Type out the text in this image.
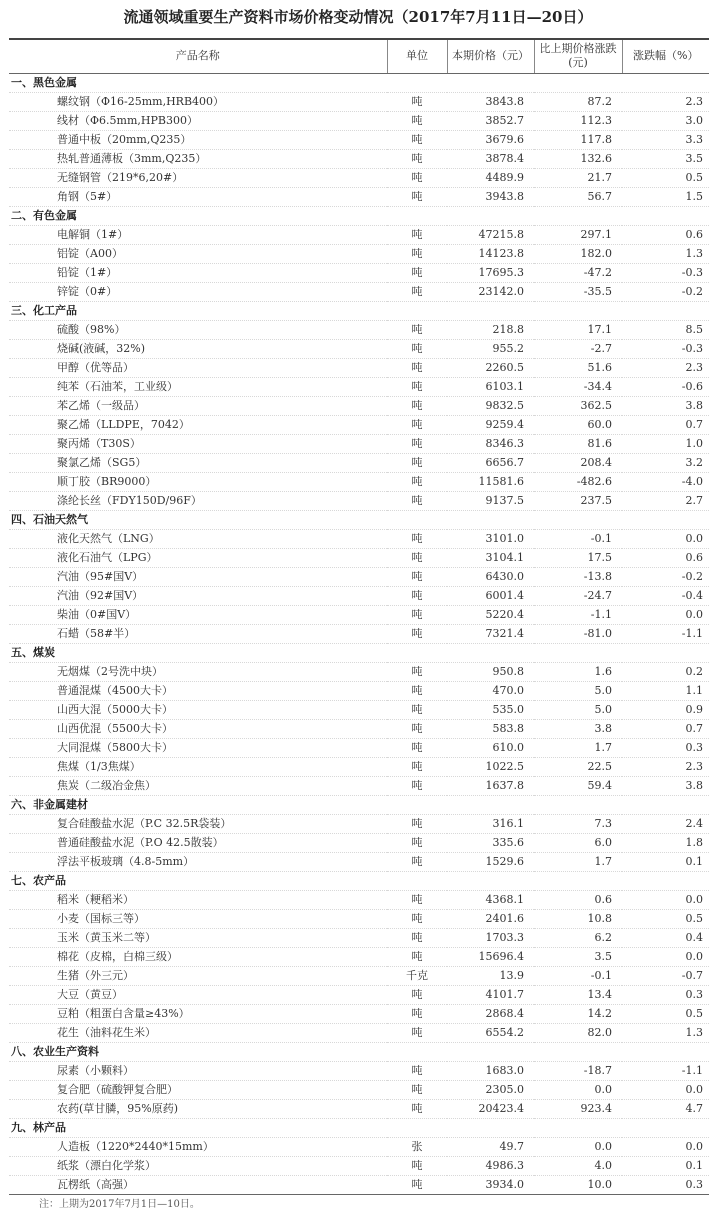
流通领域重要生产资料市场价格变动情况（2017年7月11日—20日）
产品名称	单位	本期价格（元）	比上期价格涨跌(元)	涨跌幅（%）
一、黑色金属				
螺纹钢（Φ16-25mm,HRB400）	吨	3843.8	87.2	2.3
线材（Φ6.5mm,HPB300）	吨	3852.7	112.3	3.0
普通中板（20mm,Q235）	吨	3679.6	117.8	3.3
热轧普通薄板（3mm,Q235）	吨	3878.4	132.6	3.5
无缝钢管（219*6,20#）	吨	4489.9	21.7	0.5
角钢（5#）	吨	3943.8	56.7	1.5
二、有色金属				
电解铜（1#）	吨	47215.8	297.1	0.6
铝锭（A00）	吨	14123.8	182.0	1.3
铅锭（1#）	吨	17695.3	-47.2	-0.3
锌锭（0#）	吨	23142.0	-35.5	-0.2
三、化工产品				
硫酸（98%）	吨	218.8	17.1	8.5
烧碱(液碱，32%)	吨	955.2	-2.7	-0.3
甲醇（优等品）	吨	2260.5	51.6	2.3
纯苯（石油苯，工业级）	吨	6103.1	-34.4	-0.6
苯乙烯（一级品）	吨	9832.5	362.5	3.8
聚乙烯（LLDPE，7042）	吨	9259.4	60.0	0.7
聚丙烯（T30S）	吨	8346.3	81.6	1.0
聚氯乙烯（SG5）	吨	6656.7	208.4	3.2
顺丁胶（BR9000）	吨	11581.6	-482.6	-4.0
涤纶长丝（FDY150D/96F）	吨	9137.5	237.5	2.7
四、石油天然气				
液化天然气（LNG）	吨	3101.0	-0.1	0.0
液化石油气（LPG）	吨	3104.1	17.5	0.6
汽油（95#国Ⅴ）	吨	6430.0	-13.8	-0.2
汽油（92#国Ⅴ）	吨	6001.4	-24.7	-0.4
柴油（0#国Ⅴ）	吨	5220.4	-1.1	0.0
石蜡（58#半）	吨	7321.4	-81.0	-1.1
五、煤炭				
无烟煤（2号洗中块）	吨	950.8	1.6	0.2
普通混煤（4500大卡）	吨	470.0	5.0	1.1
山西大混（5000大卡）	吨	535.0	5.0	0.9
山西优混（5500大卡）	吨	583.8	3.8	0.7
大同混煤（5800大卡）	吨	610.0	1.7	0.3
焦煤（1/3焦煤）	吨	1022.5	22.5	2.3
焦炭（二级冶金焦）	吨	1637.8	59.4	3.8
六、非金属建材				
复合硅酸盐水泥（P.C 32.5R袋装）	吨	316.1	7.3	2.4
普通硅酸盐水泥（P.O 42.5散装）	吨	335.6	6.0	1.8
浮法平板玻璃（4.8-5mm）	吨	1529.6	1.7	0.1
七、农产品				
稻米（粳稻米）	吨	4368.1	0.6	0.0
小麦（国标三等）	吨	2401.6	10.8	0.5
玉米（黄玉米二等）	吨	1703.3	6.2	0.4
棉花（皮棉，白棉三级）	吨	15696.4	3.5	0.0
生猪（外三元）	千克	13.9	-0.1	-0.7
大豆（黄豆）	吨	4101.7	13.4	0.3
豆粕（粗蛋白含量≥43%）	吨	2868.4	14.2	0.5
花生（油料花生米）	吨	6554.2	82.0	1.3
八、农业生产资料				
尿素（小颗料）	吨	1683.0	-18.7	-1.1
复合肥（硫酸钾复合肥）	吨	2305.0	0.0	0.0
农药(草甘膦，95%原药)	吨	20423.4	923.4	4.7
九、林产品				
人造板（1220*2440*15mm）	张	49.7	0.0	0.0
纸浆（漂白化学浆）	吨	4986.3	4.0	0.1
瓦楞纸（高强）	吨	3934.0	10.0	0.3
注：上期为2017年7月1日—10日。				
